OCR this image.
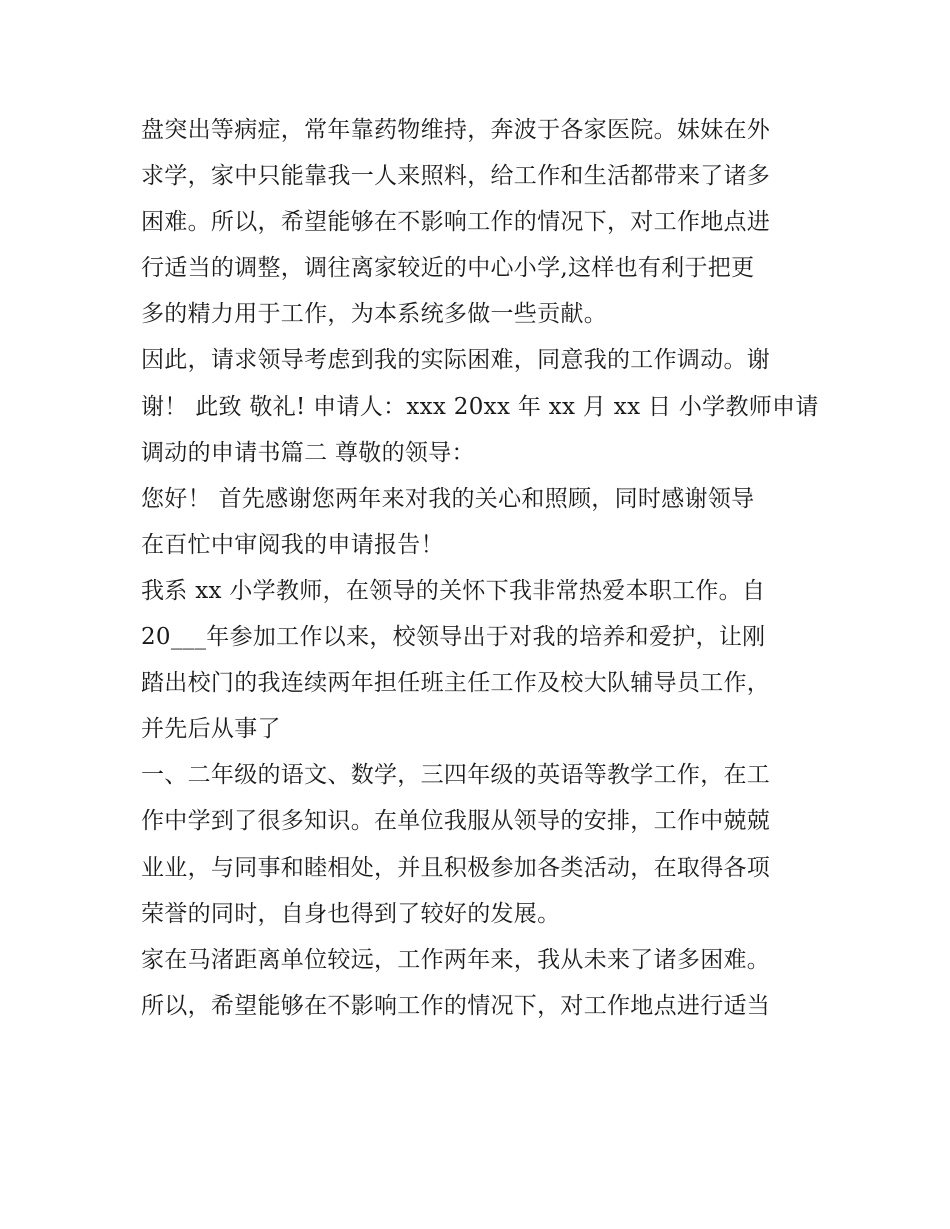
盘突出等病症，常年靠药物维持，奔波于各家医院。妹妹在外
求学，家中只能靠我一人来照料，给工作和生活都带来了诸多
困难。所以，希望能够在不影响工作的情况下，对工作地点进
行适当的调整，调往离家较近的中心小学,这样也有利于把更
多的精力用于工作，为本系统多做一些贡献。
因此，请求领导考虑到我的实际困难，同意我的工作调动。谢
谢！ 此致 敬礼! 申请人：xxx 20xx 年 xx 月 xx 日 小学教师申请
调动的申请书篇二 尊敬的领导：
您好！ 首先感谢您两年来对我的关心和照顾，同时感谢领导
在百忙中审阅我的申请报告！
我系 xx 小学教师，在领导的关怀下我非常热爱本职工作。自
20___年参加工作以来，校领导出于对我的培养和爱护，让刚
踏出校门的我连续两年担任班主任工作及校大队辅导员工作，
并先后从事了
一、二年级的语文、数学，三四年级的英语等教学工作，在工
作中学到了很多知识。在单位我服从领导的安排，工作中兢兢
业业，与同事和睦相处，并且积极参加各类活动，在取得各项
荣誉的同时，自身也得到了较好的发展。
家在马渚距离单位较远，工作两年来，我从未来了诸多困难。
所以，希望能够在不影响工作的情况下，对工作地点进行适当
